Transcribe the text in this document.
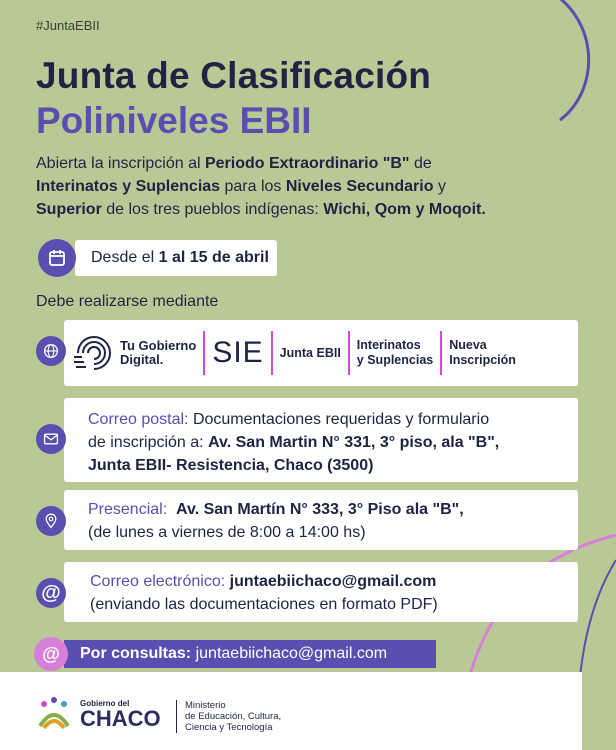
#JuntaEBII
Junta de Clasificación
Poliniveles EBII
Abierta la inscripción al Periodo Extraordinario "B" de
Interinatos y Suplencias para los Niveles Secundario y
Superior de los tres pueblos indígenas: Wichi, Qom y Moqoit.
Desde el
1 al 15 de abril
Debe realizarse mediante
Tu Gobierno
Digital.	SIE Junta EBII
Interinatos
y Suplencias
Nueva
Inscripción
Correo postal: Documentaciones requeridas y formulario
de inscripción a: Av. San Martin N° 331, 3° piso, ala "B",
Junta EBII- Resistencia, Chaco (3500)
Presencial: Av. San Martín N° 333, 3° Piso ala "B",
(de lunes a viernes de 8:00 a 14:00 hs)
Correo electrónico: juntaebiichaco@gmail.com
(enviando las documentaciones en formato PDF)
@
Por consultas:
juntaebiichaco@gmail.com
@
Gobierno del
CHACO	Ministerio
de Educación, Cultura,
Ciencia y Tecnología
